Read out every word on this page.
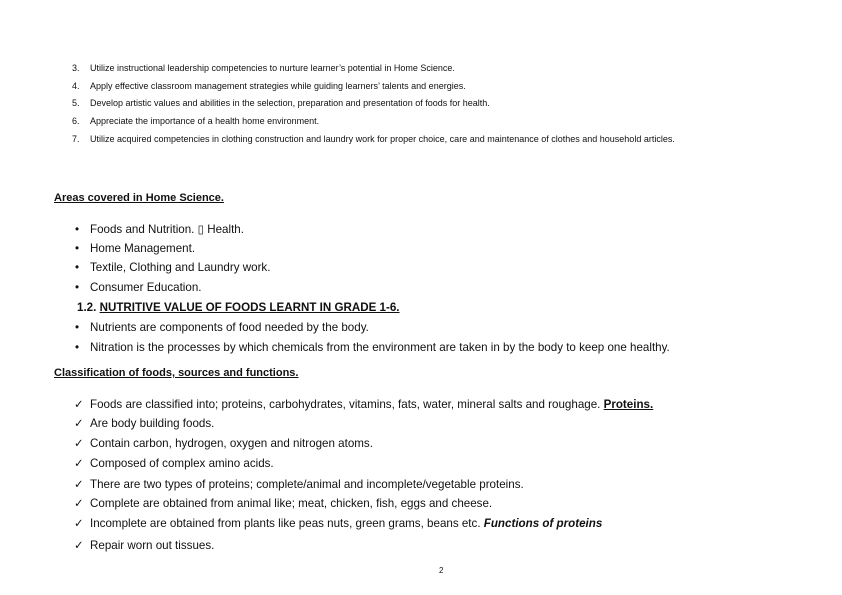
3. Utilize instructional leadership competencies to nurture learner’s potential in Home Science.
4. Apply effective classroom management strategies while guiding learners’ talents and energies.
5. Develop artistic values and abilities in the selection, preparation and presentation of foods for health.
6. Appreciate the importance of a health home environment.
7. Utilize acquired competencies in clothing construction and laundry work for proper choice, care and maintenance of clothes and household articles.
Areas covered in Home Science.
• Foods and Nutrition. ▯ Health.
• Home Management.
• Textile, Clothing and Laundry work.
• Consumer Education.
1.2. NUTRITIVE VALUE OF FOODS LEARNT IN GRADE 1-6.
• Nutrients are components of food needed by the body.
• Nitration is the processes by which chemicals from the environment are taken in by the body to keep one healthy.
Classification of foods, sources and functions.
✓ Foods are classified into; proteins, carbohydrates, vitamins, fats, water, mineral salts and roughage. Proteins.
✓ Are body building foods.
✓ Contain carbon, hydrogen, oxygen and nitrogen atoms.
✓ Composed of complex amino acids.
✓ There are two types of proteins; complete/animal and incomplete/vegetable proteins.
✓ Complete are obtained from animal like; meat, chicken, fish, eggs and cheese.
✓ Incomplete are obtained from plants like peas nuts, green grams, beans etc. Functions of proteins
✓ Repair worn out tissues.
2
